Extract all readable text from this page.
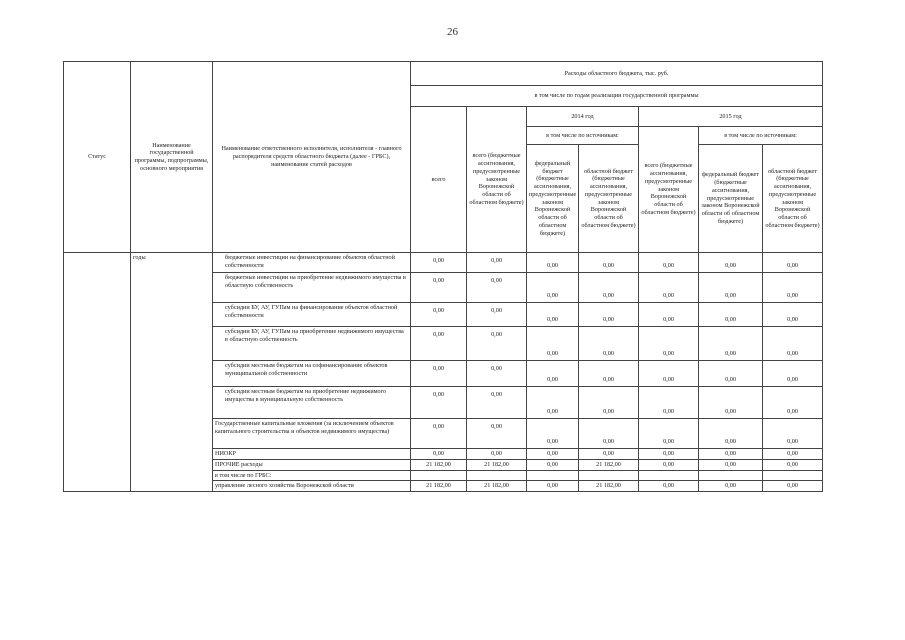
26
Статус	Наименование государственной программы, подпрограммы, основного мероприятия	Наименование ответственного исполнителя, исполнителя - главного распорядителя средств областного бюджета (далее - ГРБС), наименование статей расходов	Расходы областного бюджета, тыс. руб.						
			в том числе по годам реализации государственной программы						
			всего	всего (бюджетные ассигнования, предусмотренные законом Воронежской области об областном бюджете)	2014 год		2015 год		
					в том числе по источникам:		всего (бюджетные ассигнования, предусмотренные законом Воронежской области об областном бюджете)	в том числе по источникам:	
					федеральный бюджет (бюджетные ассигнования, предусмотренные законом Воронежской области об областном бюджете)	областной бюджет (бюджетные ассигнования, предусмотренные законом Воронежской области об областном бюджете)		федеральный бюджет (бюджетные ассигнования, предусмотренные законом Воронежской области об областном бюджете)	областной бюджет (бюджетные ассигнования, предусмотренные законом Воронежской области об областном бюджете)
	годы	бюджетные инвестиции на финансирование объектов областной собственности	0,00	0,00	0,00	0,00	0,00	0,00	0,00
		бюджетные инвестиции на приобретение недвижимого имущества в областную собственность	0,00	0,00	0,00	0,00	0,00	0,00	0,00
		субсидии БУ, АУ, ГУПам на финансирование объектов областной собственности	0,00	0,00	0,00	0,00	0,00	0,00	0,00
		субсидии БУ, АУ, ГУПам на приобретение недвижимого имущества в областную собственность	0,00	0,00	0,00	0,00	0,00	0,00	0,00
		субсидии местным бюджетам на софинансирование объектов муниципальной собственности	0,00	0,00	0,00	0,00	0,00	0,00	0,00
		субсидии местным бюджетам на приобретение недвижимого имущества в муниципальную собственность	0,00	0,00	0,00	0,00	0,00	0,00	0,00
		Государственные капитальные вложения (за исключением объектов капитального строительства и объектов недвижимого имущества)	0,00	0,00	0,00	0,00	0,00	0,00	0,00
		НИОКР	0,00	0,00	0,00	0,00	0,00	0,00	0,00
		ПРОЧИЕ расходы	21 182,00	21 182,00	0,00	21 182,00	0,00	0,00	0,00
		в том числе по ГРБС:							
		управление лесного хозяйства Воронежской области	21 182,00	21 182,00	0,00	21 182,00	0,00	0,00	0,00
